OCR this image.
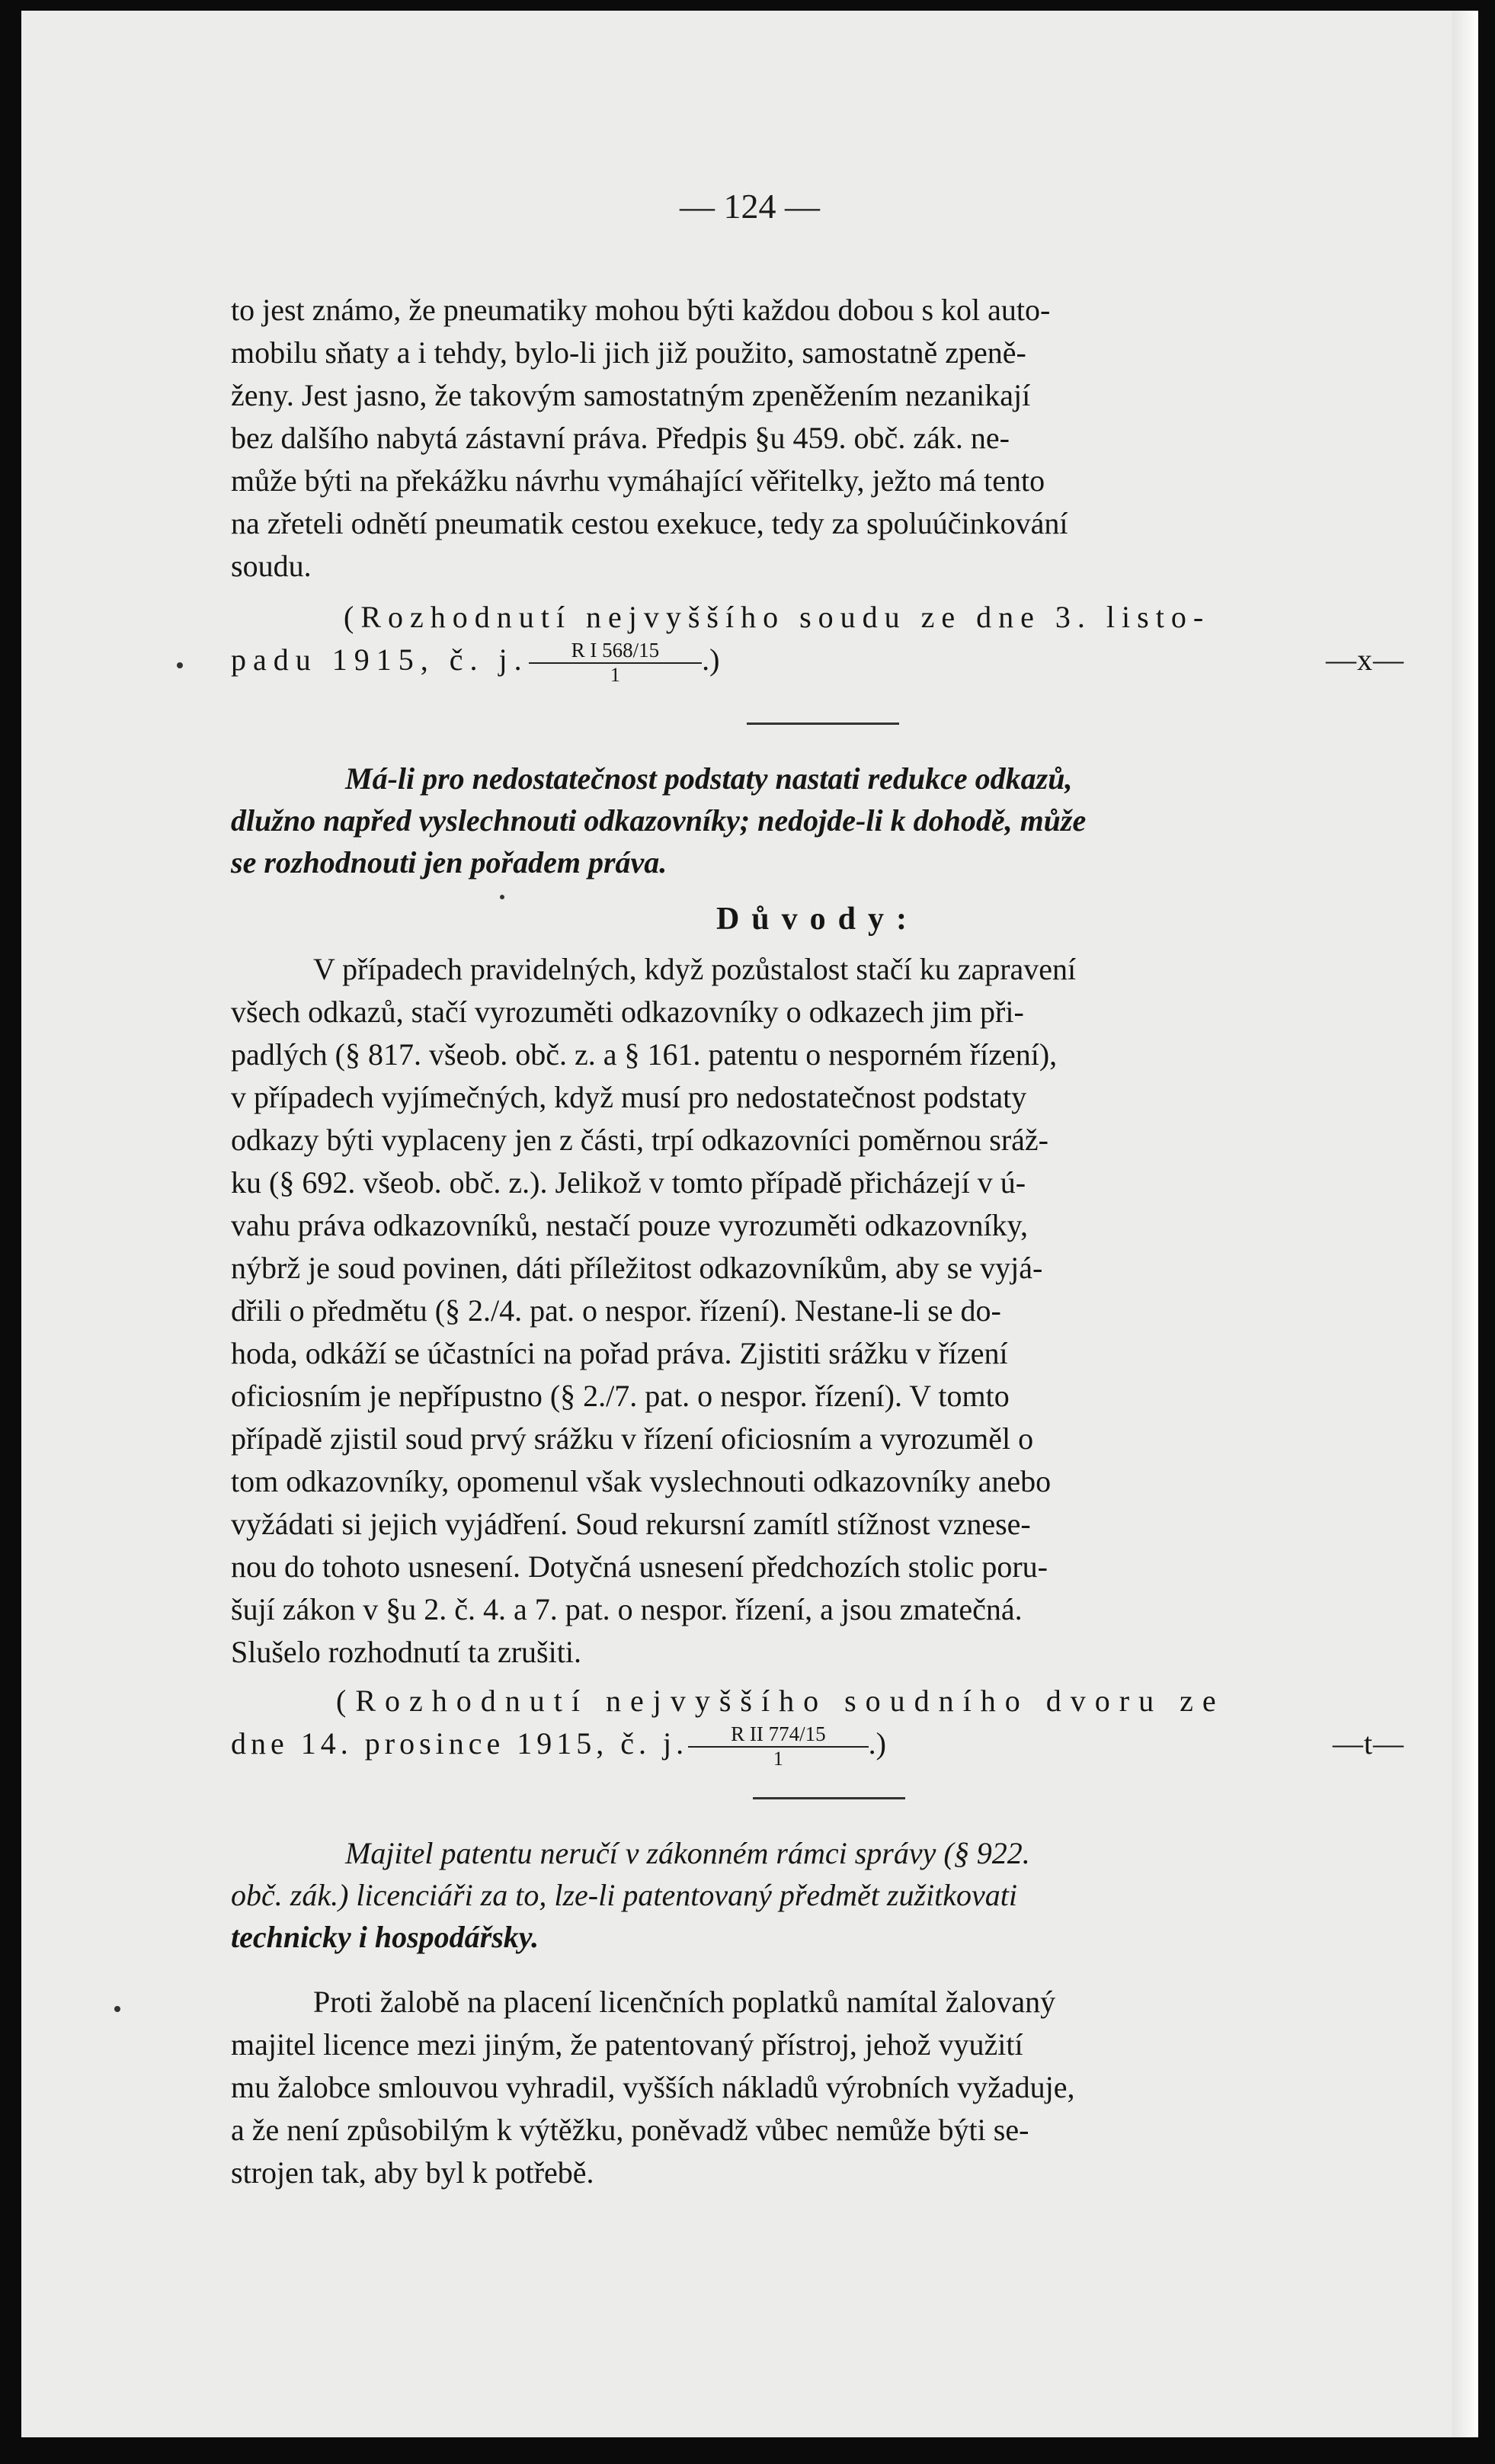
— 124 —

to jest známo, že pneumatiky mohou býti každou dobou s kol auto-

mobilu sňaty a i tehdy, bylo-li jich již použito, samostatně zpeně-

ženy. Jest jasno, že takovým samostatným zpeněžením nezanikají

bez dalšího nabytá zástavní práva. Předpis §u 459. obč. zák. ne-

může býti na překážku návrhu vymáhající věřitelky, ježto má tento

na zřeteli odnětí pneumatik cestou exekuce, tedy za spoluúčinkování

soudu.

(Rozhodnutí nejvyššího soudu ze dne 3. listo-

padu 1915, č. j. $\frac{\text{R I 568/15}}{1}$ .)	—x—

Má-li pro nedostatečnost podstaty nastati redukce odkazů,

dlužno napřed vyslechnouti odkazovníky; nedojde-li k dohodě, může

se rozhodnouti jen pořadem práva.

Důvody:

V případech pravidelných, když pozůstalost stačí ku zapravení

všech odkazů, stačí vyrozuměti odkazovníky o odkazech jim při-

padlých (§ 817. všeob. obč. z. a § 161. patentu o nesporném řízení),

v případech vyjímečných, když musí pro nedostatečnost podstaty

odkazy býti vyplaceny jen z části, trpí odkazovníci poměrnou sráž-

ku (§ 692. všeob. obč. z.). Jelikož v tomto případě přicházejí v ú-

vahu práva odkazovníků, nestačí pouze vyrozuměti odkazovníky,

nýbrž je soud povinen, dáti příležitost odkazovníkům, aby se vyjá-

dřili o předmětu (§ 2./4. pat. o nespor. řízení). Nestane-li se do-

hoda, odkáží se účastníci na pořad práva. Zjistiti srážku v řízení

oficiosním je nepřípustno (§ 2./7. pat. o nespor. řízení). V tomto

případě zjistil soud prvý srážku v řízení oficiosním a vyrozuměl o

tom odkazovníky, opomenul však vyslechnouti odkazovníky anebo

vyžádati si jejich vyjádření. Soud rekursní zamítl stížnost vznese-

nou do tohoto usnesení. Dotyčná usnesení předchozích stolic poru-

šují zákon v §u 2. č. 4. a 7. pat. o nespor. řízení, a jsou zmatečná.

Slušelo rozhodnutí ta zrušiti.

(Rozhodnutí nejvyššího soudního dvoru ze

dne 14. prosince 1915, č. j. $\frac{\text{R II 774/15}}{1}$ .)	—t—

Majitel patentu neručí v zákonném rámci správy (§ 922.

obč. zák.) licenciáři za to, lze-li patentovaný předmět zužitkovati

technicky i hospodářsky.

Proti žalobě na placení licenčních poplatků namítal žalovaný

majitel licence mezi jiným, že patentovaný přístroj, jehož využití

mu žalobce smlouvou vyhradil, vyšších nákladů výrobních vyžaduje,

a že není způsobilým k výtěžku, poněvadž vůbec nemůže býti se-

strojen tak, aby byl k potřebě.
